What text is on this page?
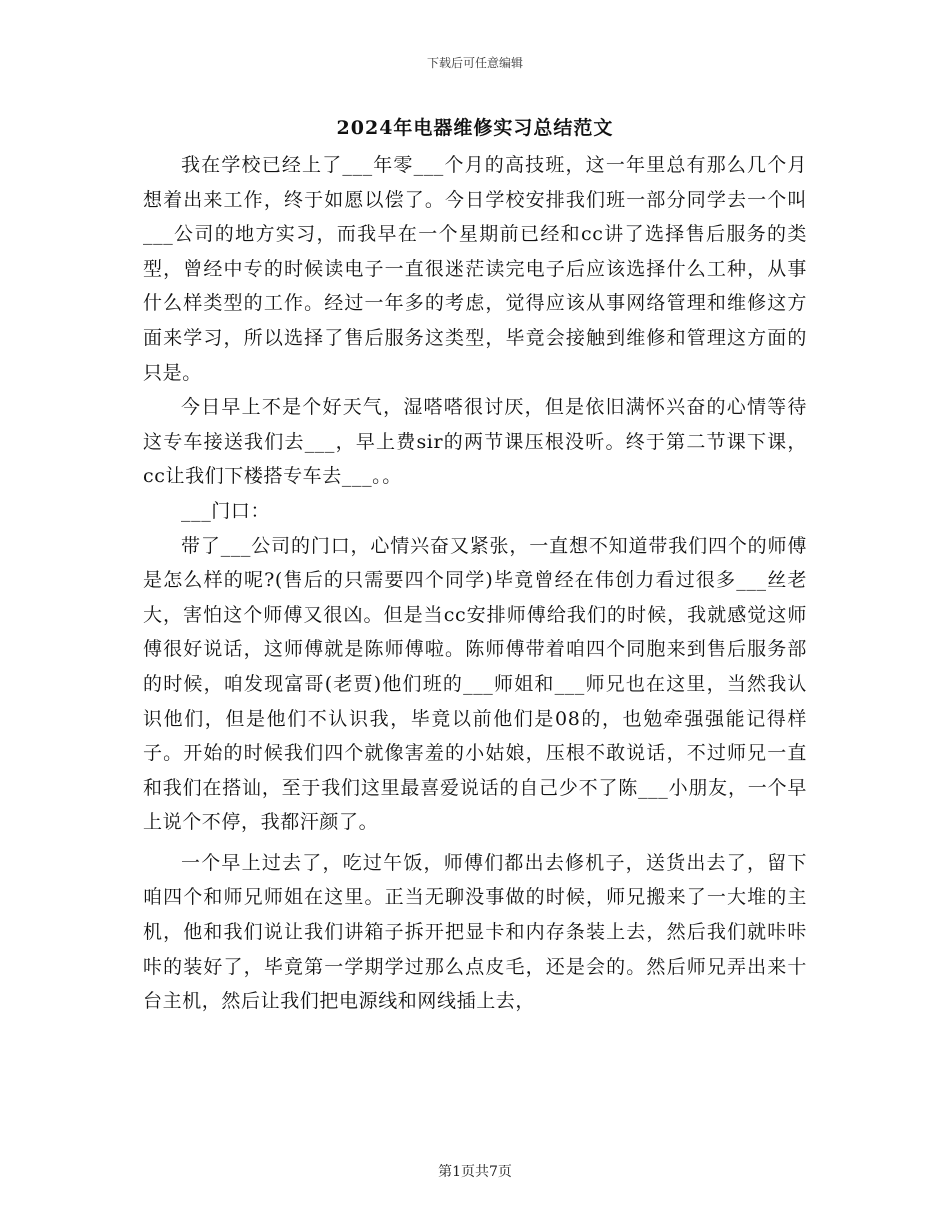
下载后可任意编辑
2024年电器维修实习总结范文

我在学校已经上了___年零___个月的高技班，这一年里总有那么几个月想着出来工作，终于如愿以偿了。今日学校安排我们班一部分同学去一个叫___公司的地方实习，而我早在一个星期前已经和cc讲了选择售后服务的类型，曾经中专的时候读电子一直很迷茫读完电子后应该选择什么工种，从事什么样类型的工作。经过一年多的考虑，觉得应该从事网络管理和维修这方面来学习，所以选择了售后服务这类型，毕竟会接触到维修和管理这方面的只是。

今日早上不是个好天气，湿嗒嗒很讨厌，但是依旧满怀兴奋的心情等待这专车接送我们去___，早上费sir的两节课压根没听。终于第二节课下课，cc让我们下楼搭专车去___。。

___门口：

带了___公司的门口，心情兴奋又紧张，一直想不知道带我们四个的师傅是怎么样的呢?(售后的只需要四个同学)毕竟曾经在伟创力看过很多___丝老大，害怕这个师傅又很凶。但是当cc安排师傅给我们的时候，我就感觉这师傅很好说话，这师傅就是陈师傅啦。陈师傅带着咱四个同胞来到售后服务部的时候，咱发现富哥(老贾)他们班的___师姐和___师兄也在这里，当然我认识他们，但是他们不认识我，毕竟以前他们是08的，也勉牵强强能记得样子。开始的时候我们四个就像害羞的小姑娘，压根不敢说话，不过师兄一直和我们在搭讪，至于我们这里最喜爱说话的自己少不了陈___小朋友，一个早上说个不停，我都汗颜了。

一个早上过去了，吃过午饭，师傅们都出去修机子，送货出去了，留下咱四个和师兄师姐在这里。正当无聊没事做的时候，师兄搬来了一大堆的主机，他和我们说让我们讲箱子拆开把显卡和内存条装上去，然后我们就咔咔咔的装好了，毕竟第一学期学过那么点皮毛，还是会的。然后师兄弄出来十台主机，然后让我们把电源线和网线插上去，

第1页共7页
